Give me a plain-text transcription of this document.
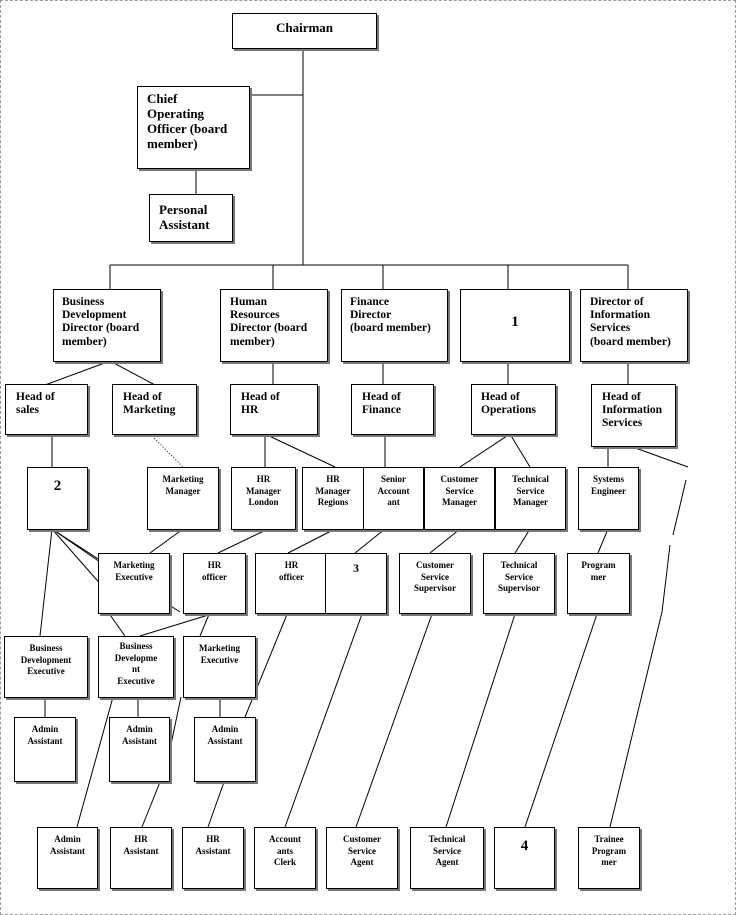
Chairman
Chief
Operating
Officer (board
member)
Personal
Assistant
Business
Development
Director (board
member)
Human
Resources
Director (board
member)
Finance
Director
(board member)	1
Director of
Information
Services
(board member)
Head of
sales
Head of
Marketing
Head of
HR
Head of
Finance
Head of
Operations
Head of
Information
Services
2	Marketing
Manager
HR
Manager
London
HR
Manager
Regions
Senior
Account
ant
Customer
Service
Manager
Technical
Service
Manager
Systems
Engineer
Marketing
Executive
HR
officer
HR
officer
3	Customer
Service
Supervisor
Technical
Service
Supervisor
Program
mer
Business
Development
Executive
Business
Developme
nt
Executive
Marketing
Executive
Admin
Assistant
Admin
Assistant
Admin
Assistant
Admin
Assistant
HR
Assistant
HR
Assistant
Account
ants
Clerk
Customer
Service
Agent
Technical
Service
Agent
4	Trainee
Program
mer
